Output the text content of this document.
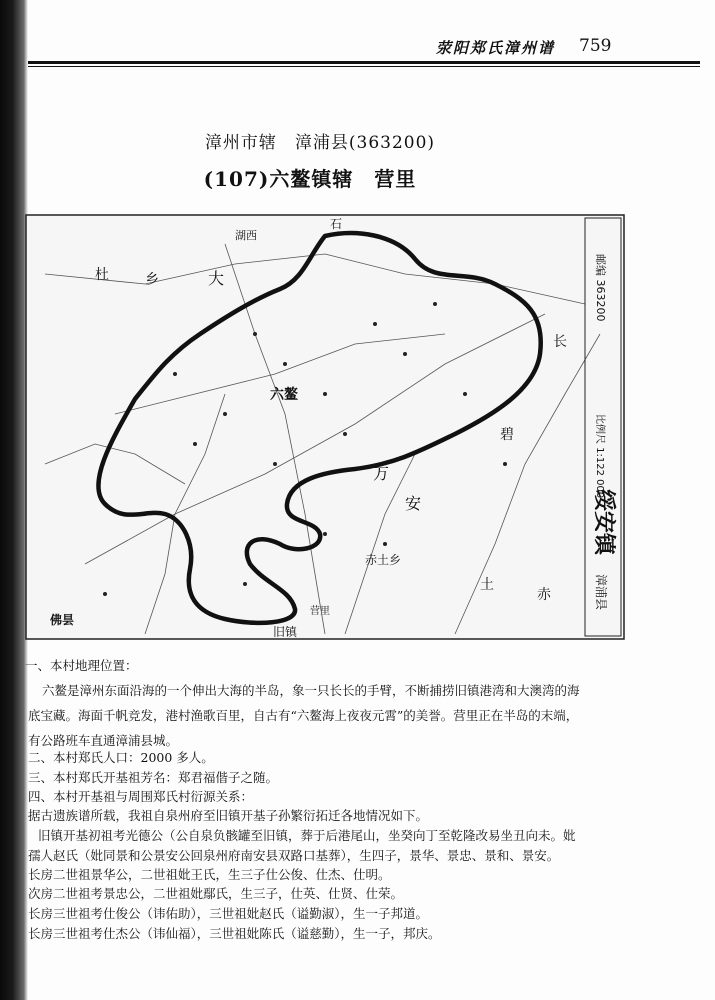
荥阳郑氏漳州谱 759
漳州市辖　漳浦县(363200)
(107)六鳌镇辖　营里
邮编 363200
比例尺 1:122 000
绥安镇
漳浦县
大
六鳌
佛昙
万
安
赤土乡
杜
旧镇
石
长
碧
湖西
乡
土
赤
营里
一、本村地理位置：
六鳌是漳州东面沿海的一个伸出大海的半岛，象一只长长的手臂，不断捕捞旧镇港湾和大澳湾的海
底宝藏。海面千帆竞发，港村渔歌百里，自古有“六鳌海上夜夜元霄”的美誉。营里正在半岛的末端，
有公路班车直通漳浦县城。
二、本村郑氏人口：2000 多人。
三、本村郑氏开基祖芳名：郑君福偕子之随。
四、本村开基祖与周围郑氏村衍源关系：
据古遗族谱所载，我祖自泉州府至旧镇开基子孙繁衍拓迁各地情况如下。
旧镇开基初祖考光德公（公自泉负骸罐至旧镇，葬于后港尾山，坐癸向丁至乾隆改易坐丑向未。妣
孺人赵氏（妣同景和公景安公回泉州府南安县双路口基葬），生四子，景华、景忠、景和、景安。
长房二世祖景华公，二世祖妣王氏，生三子仕公俊、仕杰、仕明。
次房二世祖考景忠公，二世祖妣鄢氏，生三子，仕英、仕贤、仕荣。
长房三世祖考仕俊公（讳佑助），三世祖妣赵氏（谥勤淑），生一子邦道。
长房三世祖考仕杰公（讳仙福），三世祖妣陈氏（谥慈勤），生一子，邦庆。
